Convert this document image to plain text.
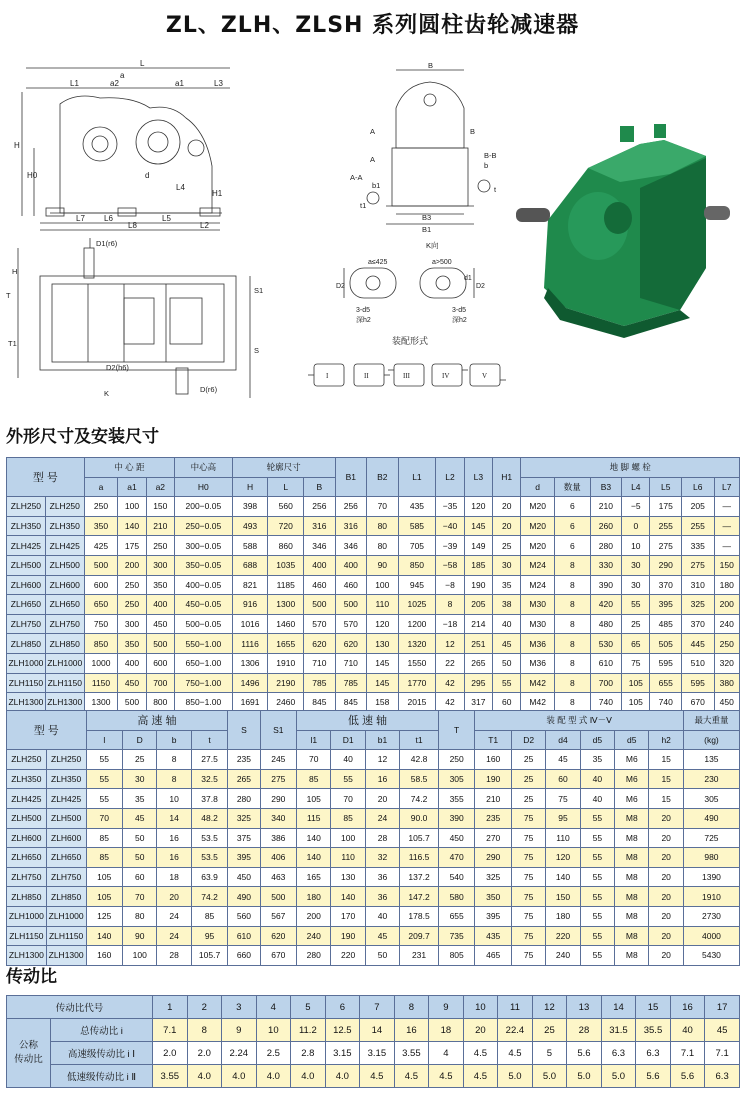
ZL、ZLH、ZLSH 系列圆柱齿轮减速器
L
a
L1	a2	a1	L3
H
H0	d
L4
H1
L7 L6
L8
L5
L2
D1(r6)
H
T
T1
S1
S
D2(h6)
D(r6)
K
B
A
A
A-A
b1
t1
B-B
b
t
B
B3
B1
K向
a≤425
D2
3-d5
深h2
a>500
d1
D2
3-d5
深h2
装配形式
I	II	III	IV	V
外形尺寸及安装尺寸
型 号		中 心 距			中心高	轮廓尺寸			B1	B2	L1	L2	L3	H1	地 脚 螺 栓						
		a	a1	a2	H0	H	L	B							d	数量	B3	L4	L5	L6	L7
ZLH250	ZLH250	250	100	150	200−0.05	398	560	256	256	70	435	−35	120	20	M20	6	210	−5	175	205	—
ZLH350	ZLH350	350	140	210	250−0.05	493	720	316	316	80	585	−40	145	20	M20	6	260	0	255	255	—
ZLH425	ZLH425	425	175	250	300−0.05	588	860	346	346	80	705	−39	149	25	M20	6	280	10	275	335	—
ZLH500	ZLH500	500	200	300	350−0.05	688	1035	400	400	90	850	−58	185	30	M24	8	330	30	290	275	150
ZLH600	ZLH600	600	250	350	400−0.05	821	1185	460	460	100	945	−8	190	35	M24	8	390	30	370	310	180
ZLH650	ZLH650	650	250	400	450−0.05	916	1300	500	500	110	1025	8	205	38	M30	8	420	55	395	325	200
ZLH750	ZLH750	750	300	450	500−0.05	1016	1460	570	570	120	1200	−18	214	40	M30	8	480	25	485	370	240
ZLH850	ZLH850	850	350	500	550−1.00	1116	1655	620	620	130	1320	12	251	45	M36	8	530	65	505	445	250
ZLH1000	ZLH1000	1000	400	600	650−1.00	1306	1910	710	710	145	1550	22	265	50	M36	8	610	75	595	510	320
ZLH1150	ZLH1150	1150	450	700	750−1.00	1496	2190	785	785	145	1770	42	295	55	M42	8	700	105	655	595	380
ZLH1300	ZLH1300	1300	500	800	850−1.00	1691	2460	845	845	158	2015	42	317	60	M42	8	740	105	740	670	450
型 号		高 速 轴				S	S1	低 速 轴				T	装 配 型 式 Ⅳ－Ⅴ						最大重量
		l	D	b	t			l1	D1	b1	t1		T1	D2	d4	d5	d5	h2	(kg)
ZLH250	ZLH250	55	25	8	27.5	235	245	70	40	12	42.8	250	160	25	45	35	M6	15	135
ZLH350	ZLH350	55	30	8	32.5	265	275	85	55	16	58.5	305	190	25	60	40	M6	15	230
ZLH425	ZLH425	55	35	10	37.8	280	290	105	70	20	74.2	355	210	25	75	40	M6	15	305
ZLH500	ZLH500	70	45	14	48.2	325	340	115	85	24	90.0	390	235	75	95	55	M8	20	490
ZLH600	ZLH600	85	50	16	53.5	375	386	140	100	28	105.7	450	270	75	110	55	M8	20	725
ZLH650	ZLH650	85	50	16	53.5	395	406	140	110	32	116.5	470	290	75	120	55	M8	20	980
ZLH750	ZLH750	105	60	18	63.9	450	463	165	130	36	137.2	540	325	75	140	55	M8	20	1390
ZLH850	ZLH850	105	70	20	74.2	490	500	180	140	36	147.2	580	350	75	150	55	M8	20	1910
ZLH1000	ZLH1000	125	80	24	85	560	567	200	170	40	178.5	655	395	75	180	55	M8	20	2730
ZLH1150	ZLH1150	140	90	24	95	610	620	240	190	45	209.7	735	435	75	220	55	M8	20	4000
ZLH1300	ZLH1300	160	100	28	105.7	660	670	280	220	50	231	805	465	75	240	55	M8	20	5430
传动比
传动比代号		1	2	3	4	5	6	7	8	9	10	11	12	13	14	15	16	17
公称
传动比	总传动比 i	7.1	8	9	10	11.2	12.5	14	16	18	20	22.4	25	28	31.5	35.5	40	45
	高速级传动比 i Ⅰ	2.0	2.0	2.24	2.5	2.8	3.15	3.15	3.55	4	4.5	4.5	5	5.6	6.3	6.3	7.1	7.1
	低速级传动比 i Ⅱ	3.55	4.0	4.0	4.0	4.0	4.0	4.5	4.5	4.5	4.5	5.0	5.0	5.0	5.0	5.6	5.6	6.3
